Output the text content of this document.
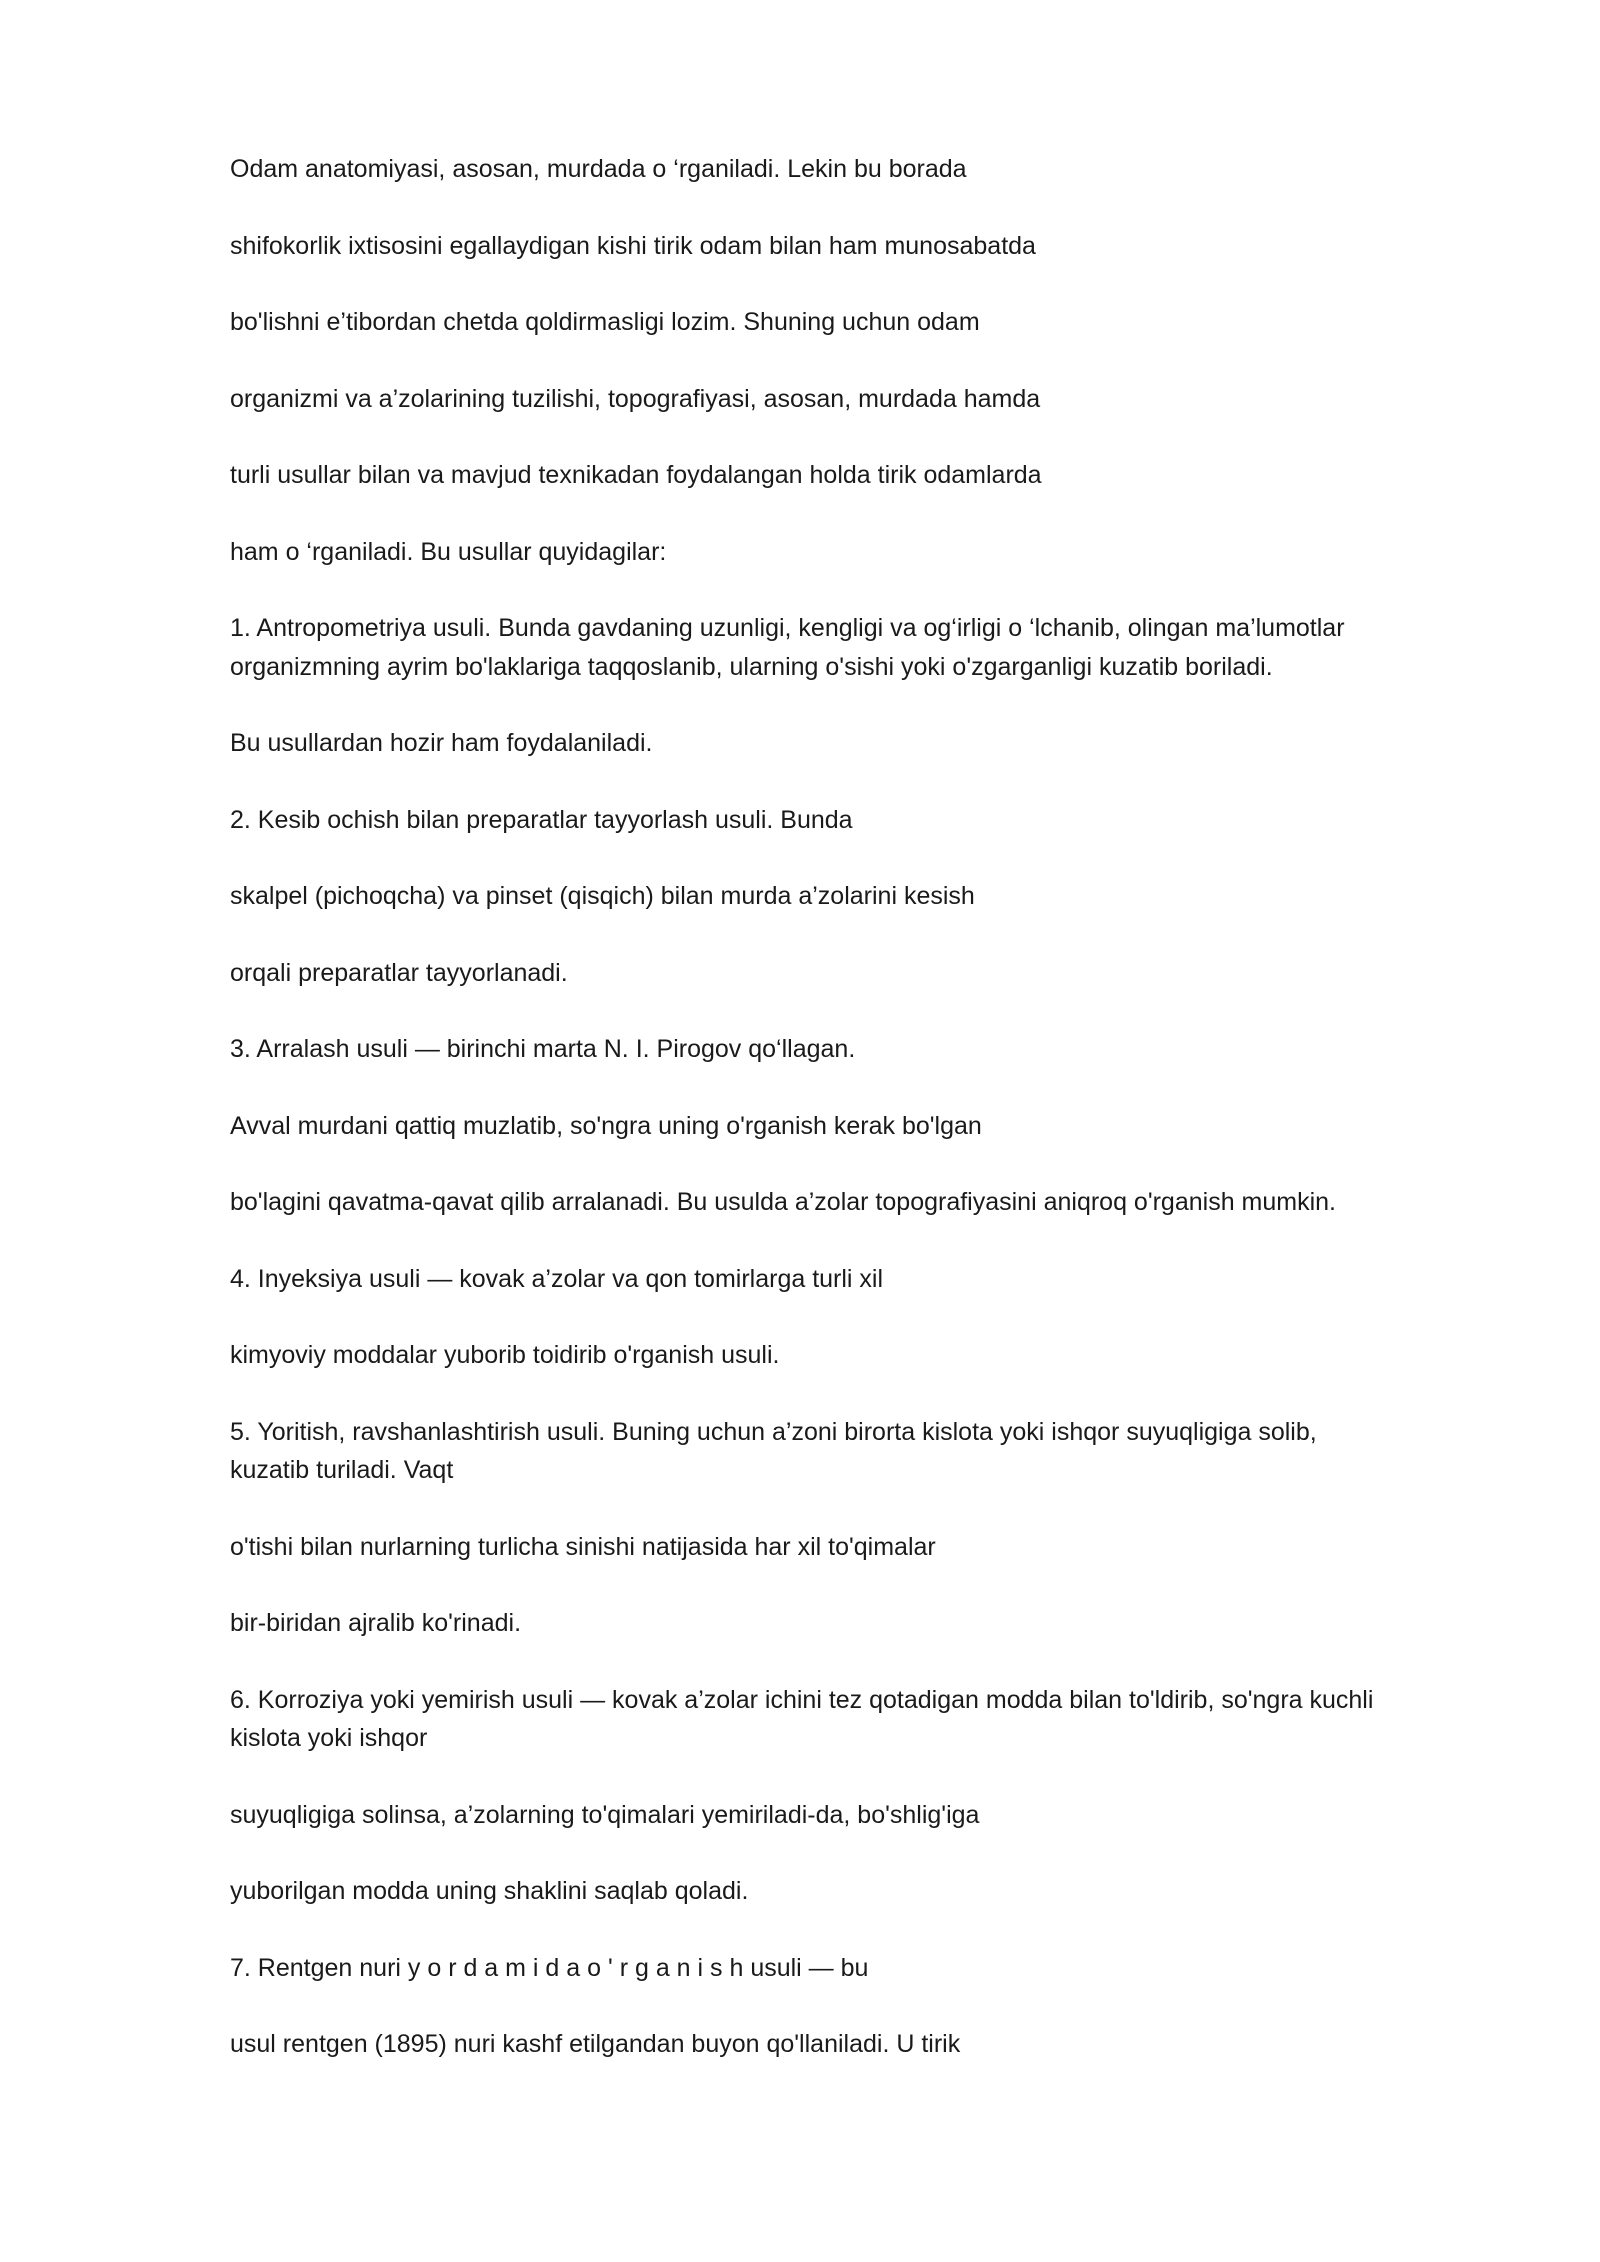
Odam anatomiyasi, asosan, murdada o ‘rganiladi. Lekin bu borada

shifokorlik ixtisosini egallaydigan kishi tirik odam bilan ham munosabatda

bo'lishni e’tibordan chetda qoldirmasligi lozim. Shuning uchun odam

organizmi va a’zolarining tuzilishi, topografiyasi, asosan, murdada hamda

turli usullar bilan va mavjud texnikadan foydalangan holda tirik odamlarda

ham o ‘rganiladi. Bu usullar quyidagilar:

1. Antropometriya usuli. Bunda gavdaning uzunligi, kengligi va og‘irligi o ‘lchanib, olingan ma’lumotlar
organizmning ayrim bo'laklariga taqqoslanib, ularning o'sishi yoki o'zgarganligi kuzatib boriladi.

Bu usullardan hozir ham foydalaniladi.

2. Kesib ochish bilan preparatlar tayyorlash usuli. Bunda

skalpel (pichoqcha) va pinset (qisqich) bilan murda a’zolarini kesish

orqali preparatlar tayyorlanadi.

3. Arralash usuli — birinchi marta N. I. Pirogov qo‘llagan.

Avval murdani qattiq muzlatib, so'ngra uning o'rganish kerak bo'lgan

bo'lagini qavatma-qavat qilib arralanadi. Bu usulda a’zolar topografiyasini aniqroq o'rganish mumkin.

4. Inyeksiya usuli — kovak a’zolar va qon tomirlarga turli xil

kimyoviy moddalar yuborib toidirib o'rganish usuli.

5. Yoritish, ravshanlashtirish usuli. Buning uchun a’zoni birorta kislota yoki ishqor suyuqligiga solib,
kuzatib turiladi. Vaqt

o'tishi bilan nurlarning turlicha sinishi natijasida har xil to'qimalar

bir-biridan ajralib ko'rinadi.

6. Korroziya yoki yemirish usuli — kovak a’zolar ichini tez qotadigan modda bilan to'ldirib, so'ngra kuchli
kislota yoki ishqor

suyuqligiga solinsa, a’zolarning to'qimalari yemiriladi-da, bo'shlig'iga

yuborilgan modda uning shaklini saqlab qoladi.

7. Rentgen nuri y o r d a m i d a o ' r g a n i s h usuli — bu

usul rentgen (1895) nuri kashf etilgandan buyon qo'llaniladi. U tirik
